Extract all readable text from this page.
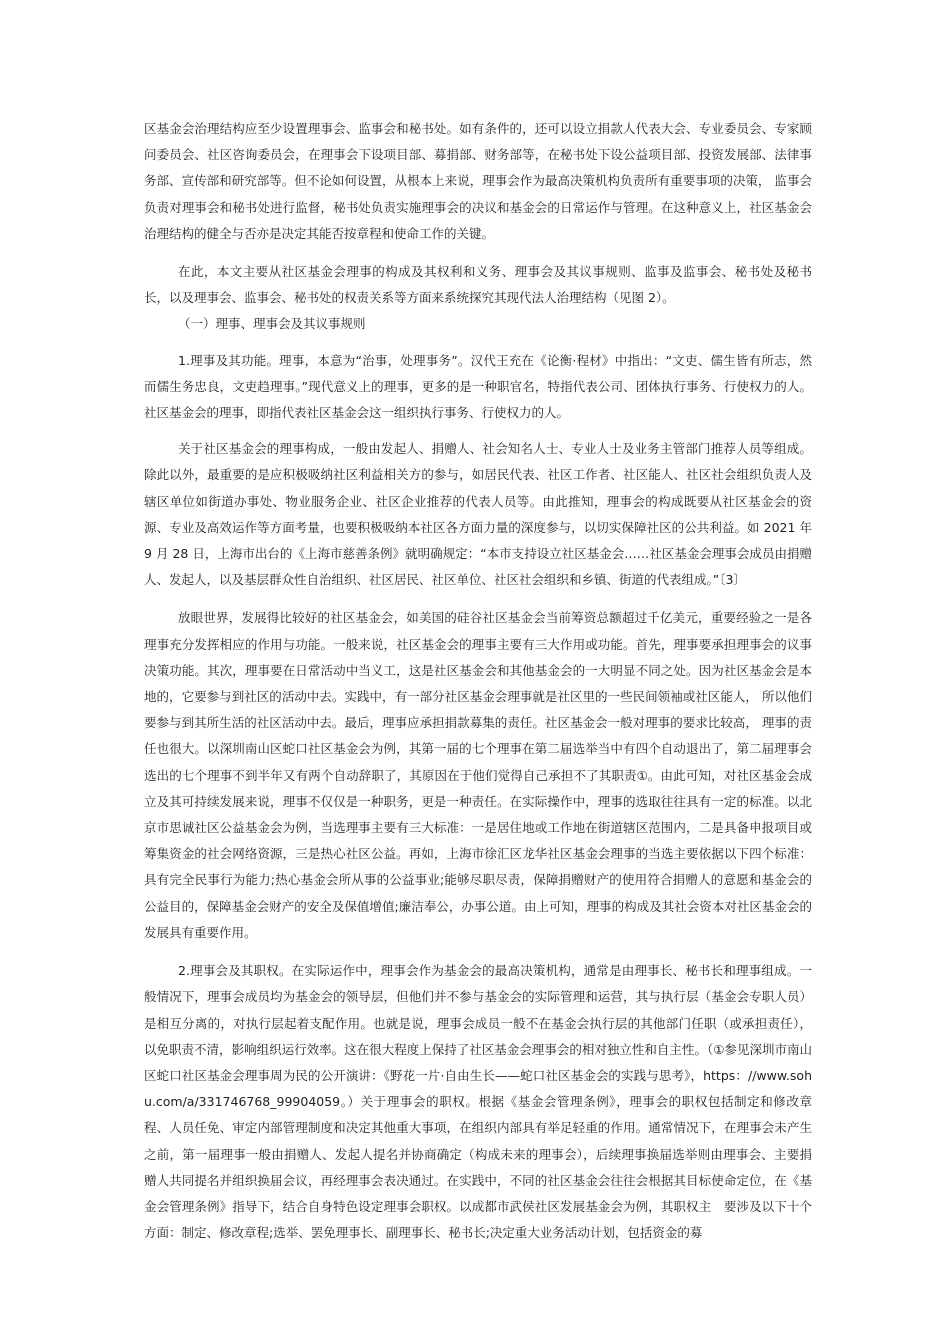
区基金会治理结构应至少设置理事会、监事会和秘书处。如有条件的，还可以设立捐款人代表大会、专业委员会、专家顾问委员会、社区咨询委员会，在理事会下设项目部、募捐部、财务部等，在秘书处下设公益项目部、投资发展部、法律事务部、宣传部和研究部等。但不论如何设置，从根本上来说，理事会作为最高决策机构负责所有重要事项的决策， 监事会负责对理事会和秘书处进行监督，秘书处负责实施理事会的决议和基金会的日常运作与管理。在这种意义上，社区基金会治理结构的健全与否亦是决定其能否按章程和使命工作的关键。

在此，本文主要从社区基金会理事的构成及其权利和义务、理事会及其议事规则、监事及监事会、秘书处及秘书长，以及理事会、监事会、秘书处的权责关系等方面来系统探究其现代法人治理结构（见图 2）。

（一）理事、理事会及其议事规则

1.理事及其功能。理事，本意为“治事，处理事务”。汉代王充在《论衡·程材》中指出：“文吏、儒生皆有所志，然而儒生务忠良，文吏趋理事。”现代意义上的理事，更多的是一种职官名，特指代表公司、团体执行事务、行使权力的人。社区基金会的理事，即指代表社区基金会这一组织执行事务、行使权力的人。

关于社区基金会的理事构成，一般由发起人、捐赠人、社会知名人士、专业人士及业务主管部门推荐人员等组成。除此以外，最重要的是应积极吸纳社区利益相关方的参与，如居民代表、社区工作者、社区能人、社区社会组织负责人及辖区单位如街道办事处、物业服务企业、社区企业推荐的代表人员等。由此推知，理事会的构成既要从社区基金会的资源、专业及高效运作等方面考量，也要积极吸纳本社区各方面力量的深度参与，以切实保障社区的公共利益。如 2021 年 9 月 28 日，上海市出台的《上海市慈善条例》就明确规定：“本市支持设立社区基金会……社区基金会理事会成员由捐赠人、发起人，以及基层群众性自治组织、社区居民、社区单位、社区社会组织和乡镇、街道的代表组成。”〔3〕

放眼世界，发展得比较好的社区基金会，如美国的硅谷社区基金会当前筹资总额超过千亿美元，重要经验之一是各理事充分发挥相应的作用与功能。一般来说，社区基金会的理事主要有三大作用或功能。首先，理事要承担理事会的议事决策功能。其次，理事要在日常活动中当义工，这是社区基金会和其他基金会的一大明显不同之处。因为社区基金会是本地的，它要参与到社区的活动中去。实践中，有一部分社区基金会理事就是社区里的一些民间领袖或社区能人， 所以他们要参与到其所生活的社区活动中去。最后，理事应承担捐款募集的责任。社区基金会一般对理事的要求比较高， 理事的责任也很大。以深圳南山区蛇口社区基金会为例，其第一届的七个理事在第二届选举当中有四个自动退出了，第二届理事会选出的七个理事不到半年又有两个自动辞职了，其原因在于他们觉得自己承担不了其职责①。由此可知，对社区基金会成立及其可持续发展来说，理事不仅仅是一种职务，更是一种责任。在实际操作中，理事的选取往往具有一定的标准。以北京市思诚社区公益基金会为例，当选理事主要有三大标准：一是居住地或工作地在街道辖区范围内，二是具备申报项目或筹集资金的社会网络资源，三是热心社区公益。再如，上海市徐汇区龙华社区基金会理事的当选主要依据以下四个标准：具有完全民事行为能力;热心基金会所从事的公益事业;能够尽职尽责，保障捐赠财产的使用符合捐赠人的意愿和基金会的公益目的，保障基金会财产的安全及保值增值;廉洁奉公，办事公道。由上可知，理事的构成及其社会资本对社区基金会的发展具有重要作用。

2.理事会及其职权。在实际运作中，理事会作为基金会的最高决策机构，通常是由理事长、秘书长和理事组成。一般情况下，理事会成员均为基金会的领导层，但他们并不参与基金会的实际管理和运营，其与执行层（基金会专职人员）是相互分离的，对执行层起着支配作用。也就是说，理事会成员一般不在基金会执行层的其他部门任职（或承担责任），以免职责不清，影响组织运行效率。这在很大程度上保持了社区基金会理事会的相对独立性和自主性。（①参见深圳市南山区蛇口社区基金会理事周为民的公开演讲：《野花一片·自由生长——蛇口社区基金会的实践与思考》，https：//www.sohu.com/a/331746768_99904059。）关于理事会的职权。根据《基金会管理条例》，理事会的职权包括制定和修改章程、人员任免、审定内部管理制度和决定其他重大事项，在组织内部具有举足轻重的作用。通常情况下，在理事会未产生之前，第一届理事一般由捐赠人、发起人提名并协商确定（构成未来的理事会），后续理事换届选举则由理事会、主要捐赠人共同提名并组织换届会议，再经理事会表决通过。在实践中，不同的社区基金会往往会根据其目标使命定位，在《基金会管理条例》指导下，结合自身特色设定理事会职权。以成都市武侯社区发展基金会为例，其职权主　要涉及以下十个方面：制定、修改章程;选举、罢免理事长、副理事长、秘书长;决定重大业务活动计划，包括资金的募
